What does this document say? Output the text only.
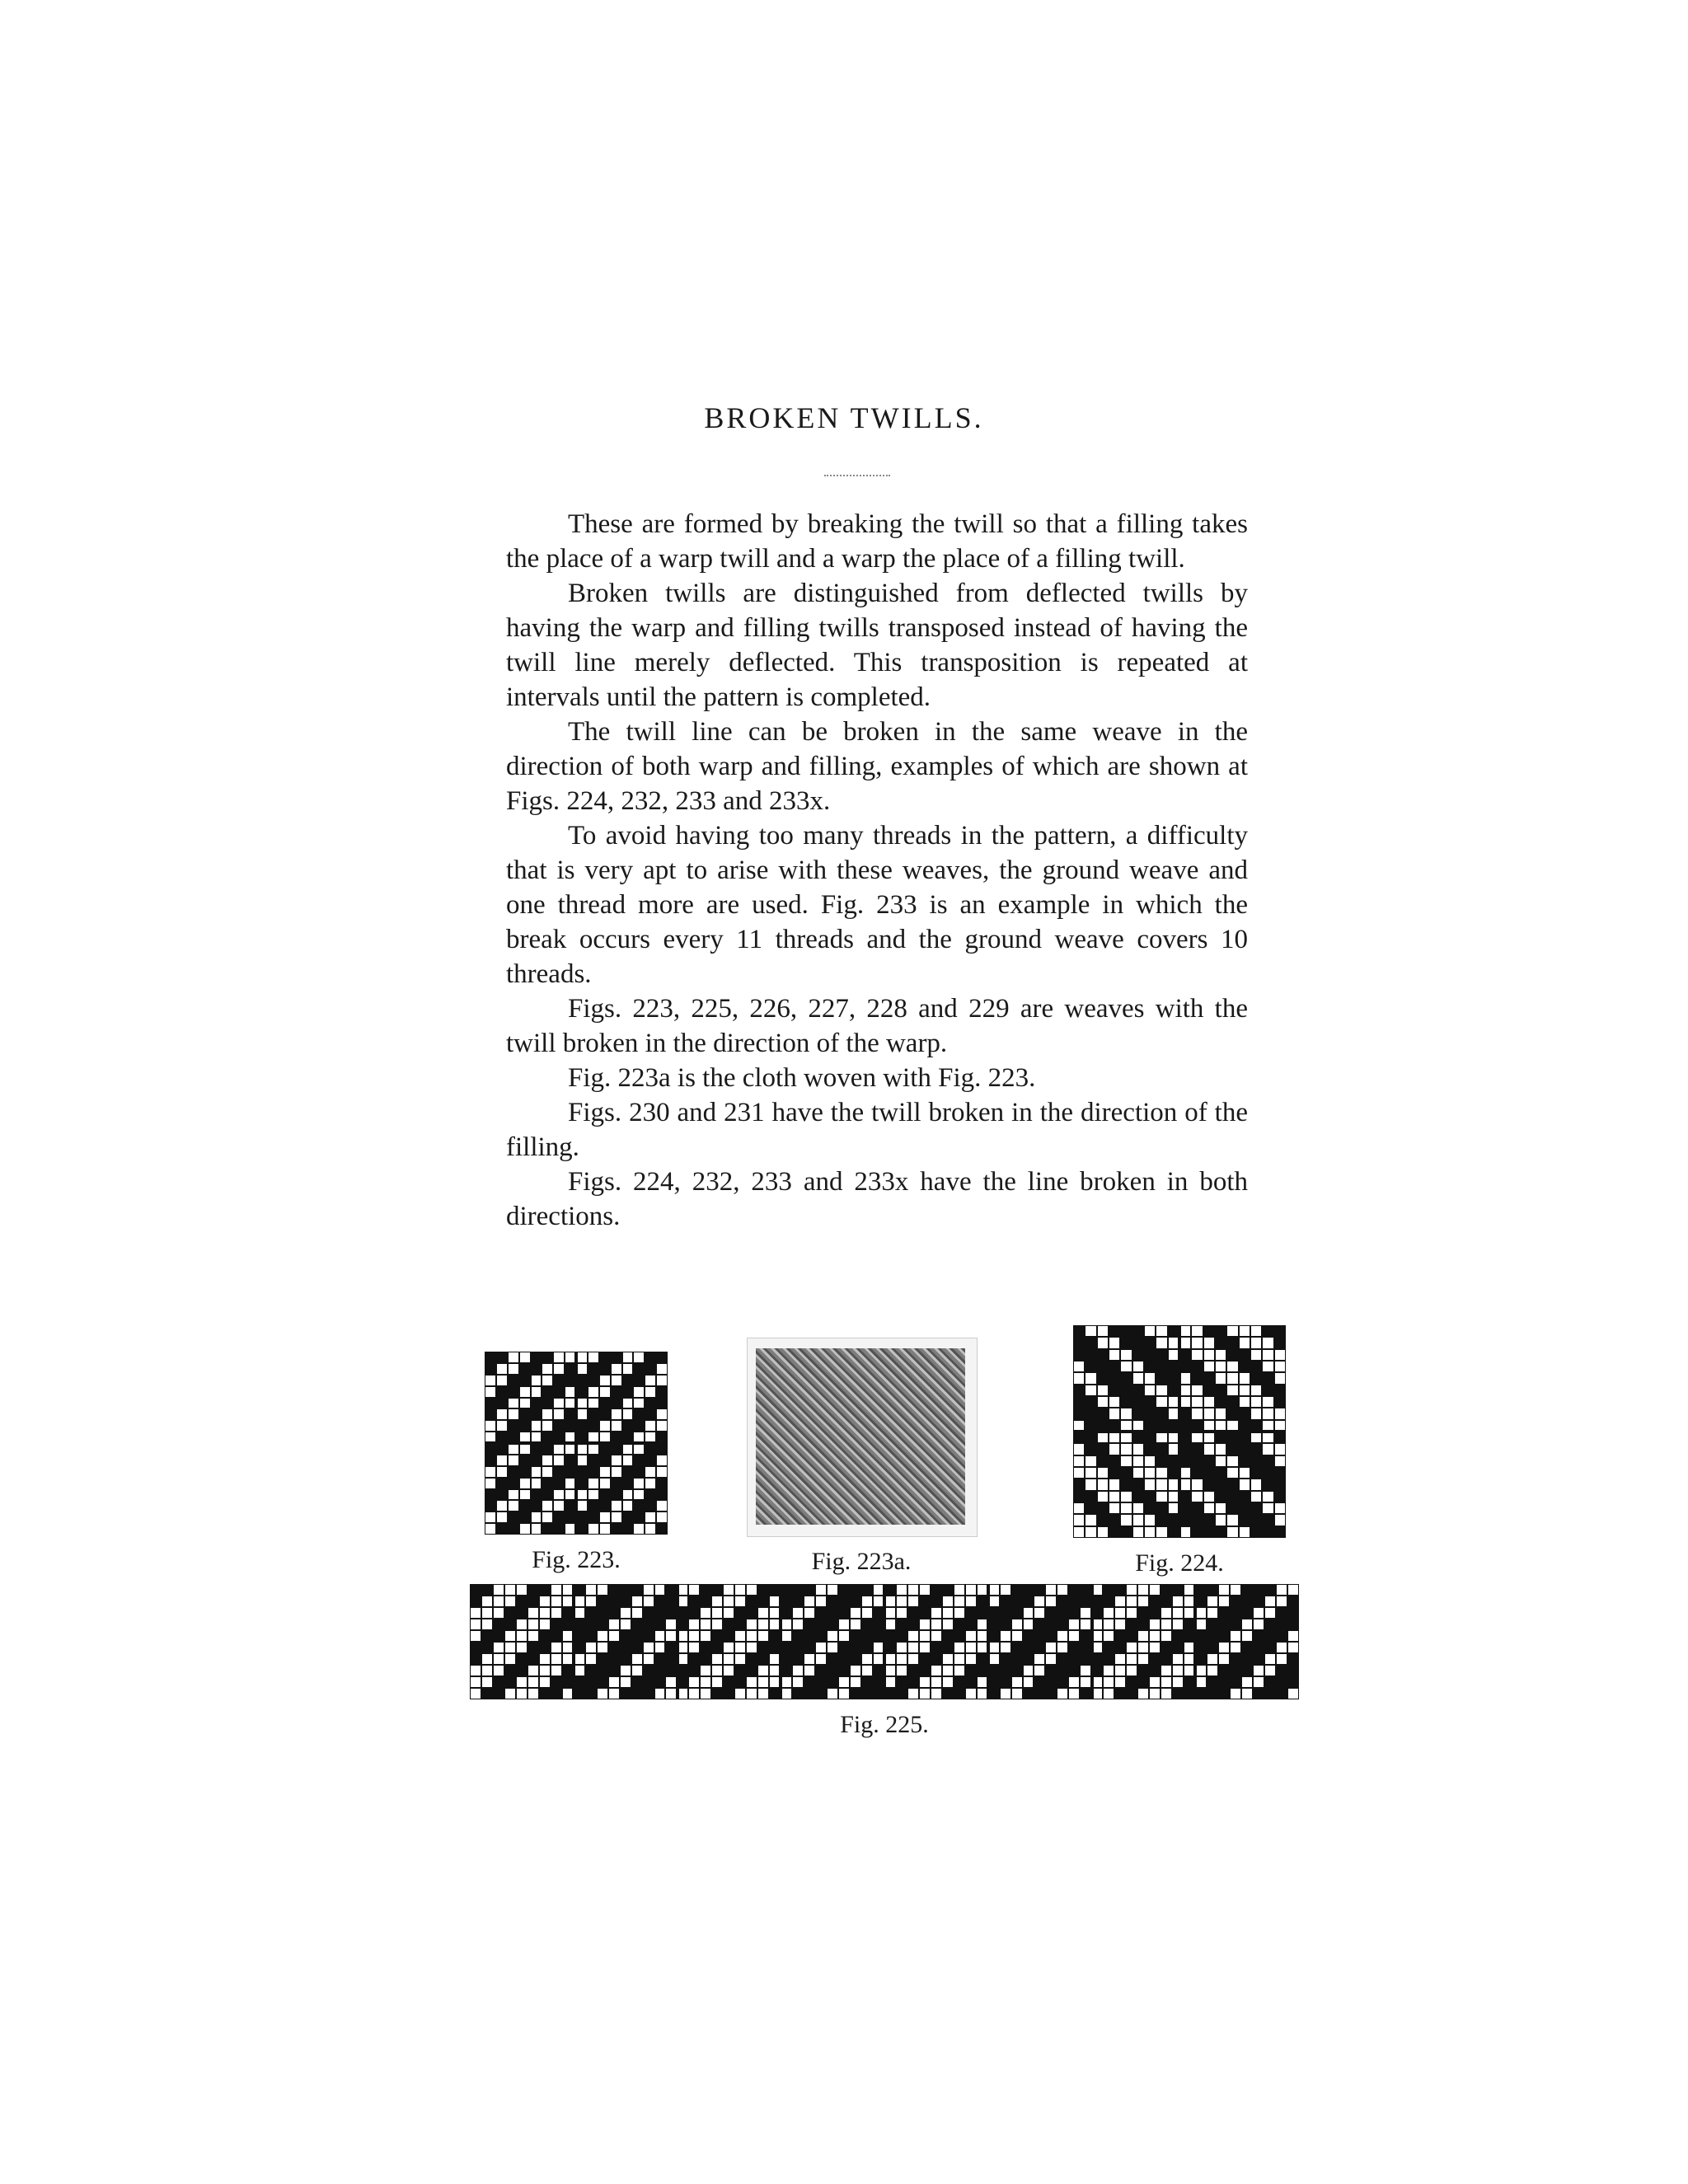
BROKEN TWILLS.

These are formed by breaking the twill so that a filling takes the place of a warp twill and a warp the place of a filling twill.

Broken twills are distinguished from deflected twills by having the warp and filling twills transposed instead of having the twill line merely deflected. This transposition is repeated at intervals until the pattern is completed.

The twill line can be broken in the same weave in the direction of both warp and filling, examples of which are shown at Figs. 224, 232, 233 and 233x.

To avoid having too many threads in the pattern, a difficulty that is very apt to arise with these weaves, the ground weave and one thread more are used. Fig. 233 is an example in which the break occurs every 11 threads and the ground weave covers 10 threads.

Figs. 223, 225, 226, 227, 228 and 229 are weaves with the twill broken in the direction of the warp.

Fig. 223a is the cloth woven with Fig. 223.

Figs. 230 and 231 have the twill broken in the direction of the filling.

Figs. 224, 232, 233 and 233x have the line broken in both directions.

Fig. 223.	Fig. 223a.	Fig. 224.
Fig. 225.
